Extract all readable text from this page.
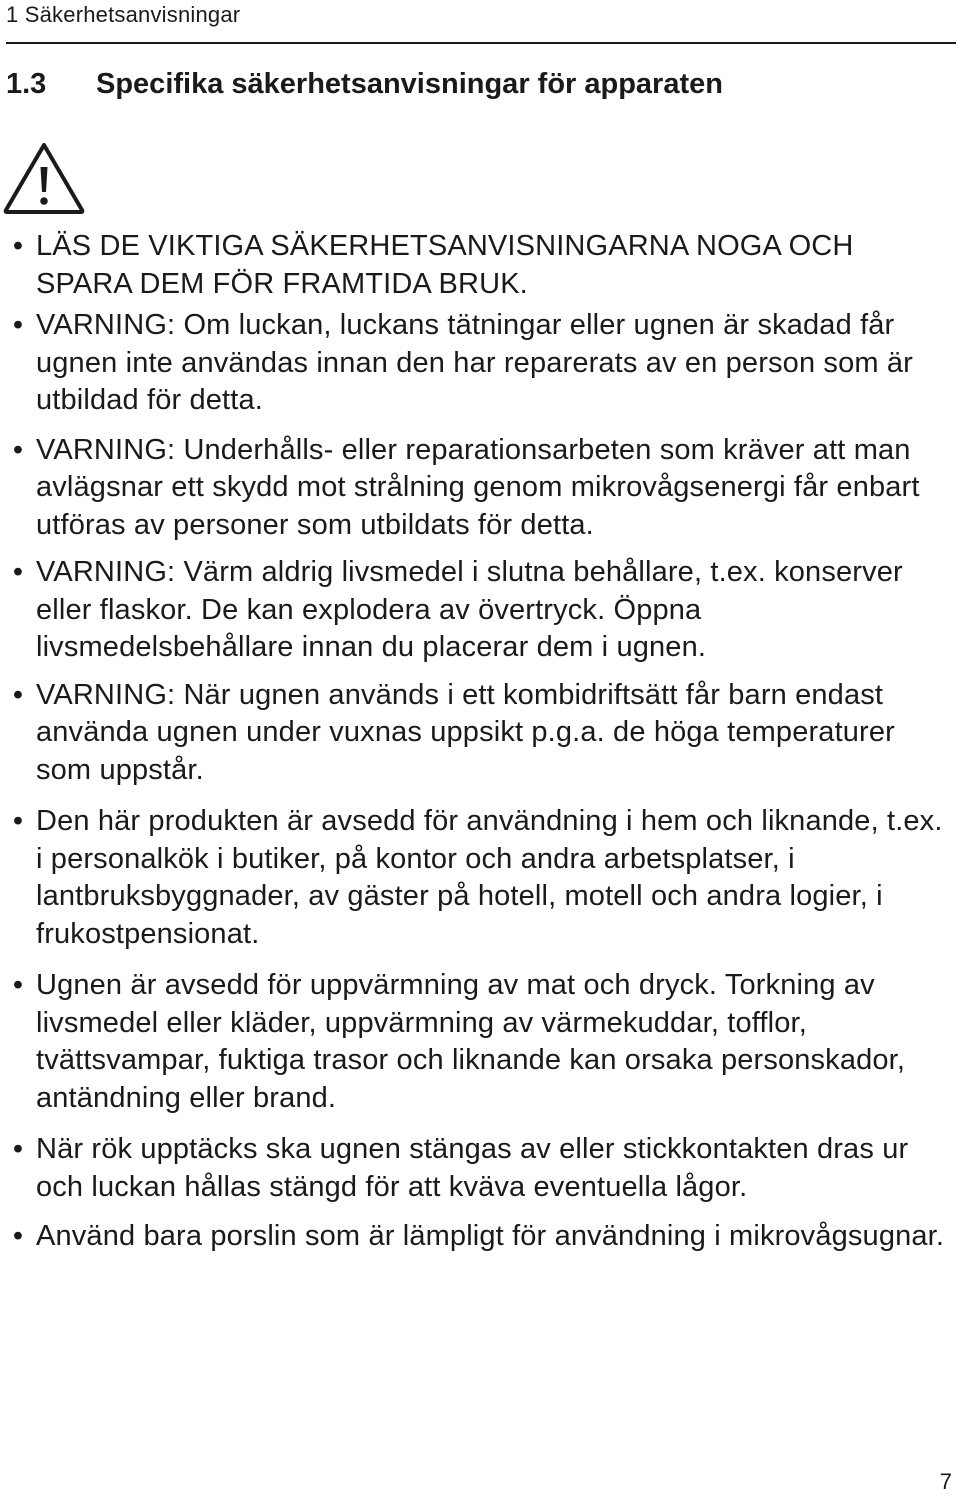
1 Säkerhetsanvisningar
1.3	Specifika säkerhetsanvisningar för apparaten
• LÄS DE VIKTIGA SÄKERHETSANVISNINGARNA NOGA OCH SPARA DEM FÖR FRAMTIDA BRUK.
• VARNING: Om luckan, luckans tätningar eller ugnen är skadad får ugnen inte användas innan den har reparerats av en person som är utbildad för detta.
• VARNING: Underhålls- eller reparationsarbeten som kräver att man avlägsnar ett skydd mot strålning genom mikrovågsenergi får enbart utföras av personer som utbildats för detta.
• VARNING: Värm aldrig livsmedel i slutna behållare, t.ex. konserver eller flaskor. De kan explodera av övertryck. Öppna livsmedelsbehållare innan du placerar dem i ugnen.
• VARNING: När ugnen används i ett kombidriftsätt får barn endast använda ugnen under vuxnas uppsikt p.g.a. de höga temperaturer som uppstår.
• Den här produkten är avsedd för användning i hem och liknande, t.ex. i personalkök i butiker, på kontor och andra arbetsplatser, i lantbruksbyggnader, av gäster på hotell, motell och andra logier, i frukostpensionat.
• Ugnen är avsedd för uppvärmning av mat och dryck. Torkning av livsmedel eller kläder, uppvärmning av värmekuddar, tofflor, tvättsvampar, fuktiga trasor och liknande kan orsaka personskador, antändning eller brand.
• När rök upptäcks ska ugnen stängas av eller stickkontakten dras ur och luckan hållas stängd för att kväva eventuella lågor.
• Använd bara porslin som är lämpligt för användning i mikrovågsugnar.
7
